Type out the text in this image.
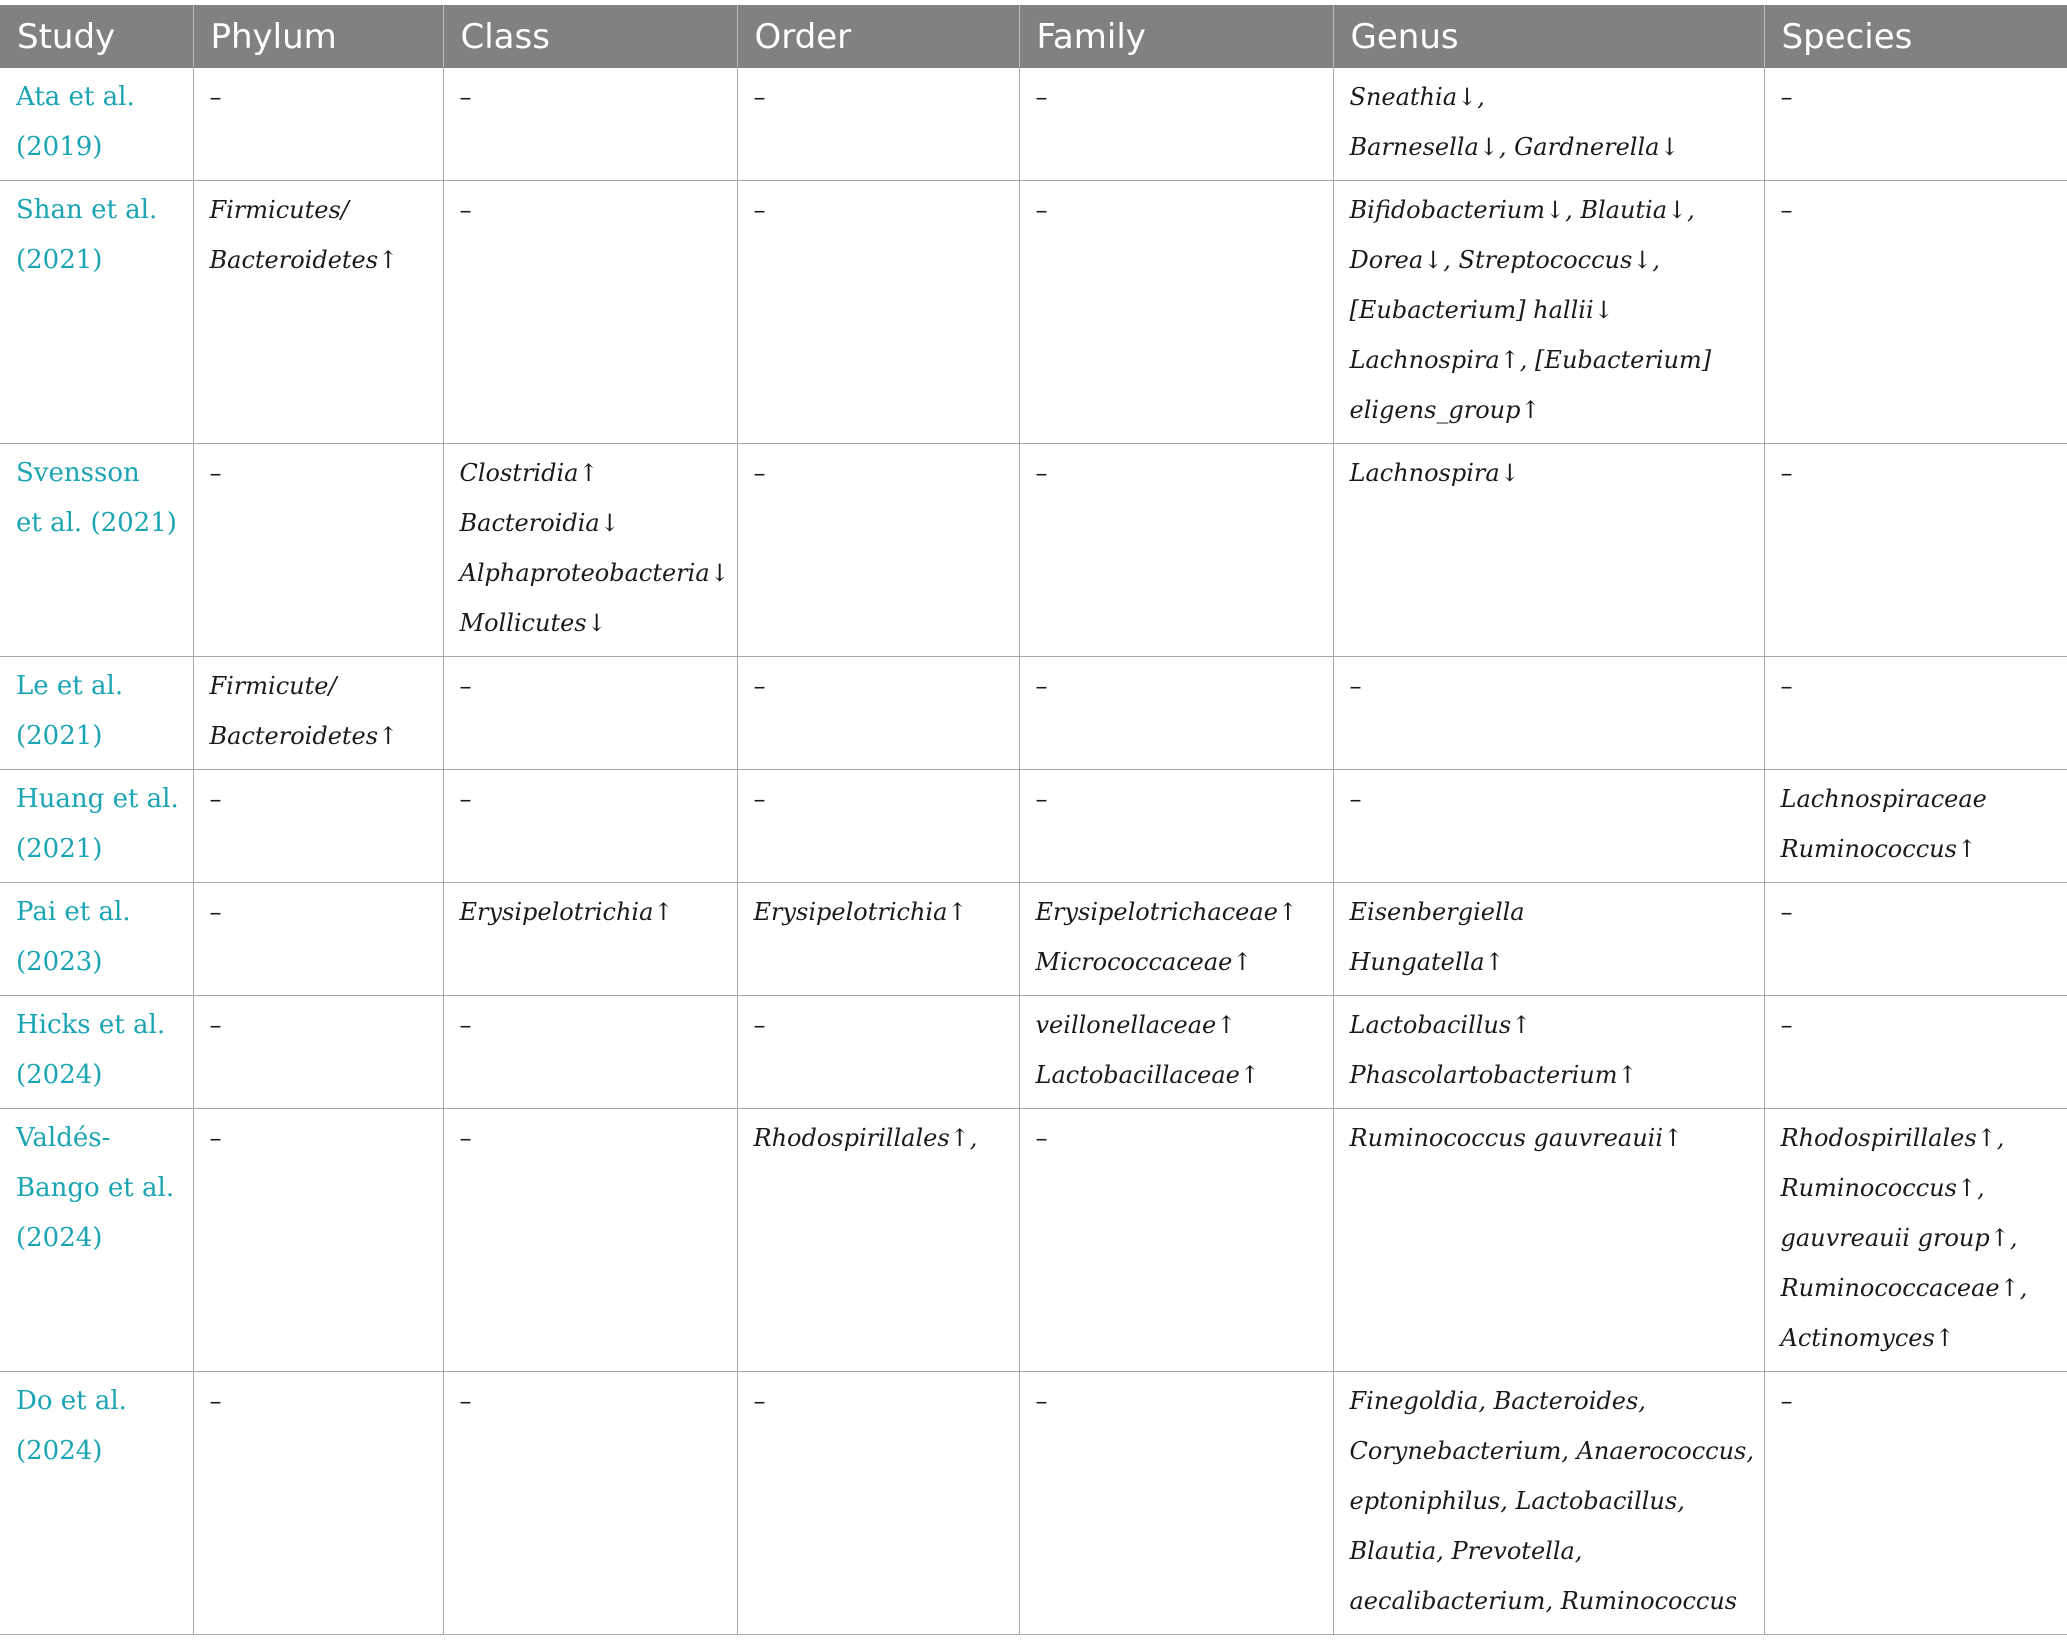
Study	Phylum	Class	Order	Family	Genus	Species

Ata et al.
(2019)	–	–	–	–	Sneathia↓,
Barnesella↓, Gardnerella↓	–

Shan et al.
(2021)	Firmicutes/
Bacteroidetes↑	–	–	–	Bifidobacterium↓, Blautia↓,
Dorea↓, Streptococcus↓,
[Eubacterium] hallii↓
Lachnospira↑, [Eubacterium]
eligens_group↑	–

Svensson
et al. (2021)	–	Clostridia↑
Bacteroidia↓
Alphaproteobacteria↓
Mollicutes↓	–	–	Lachnospira↓	–

Le et al.
(2021)	Firmicute/
Bacteroidetes↑	–	–	–	–	–

Huang et al.
(2021)	–	–	–	–	–	Lachnospiraceae
Ruminococcus↑

Pai et al.
(2023)	–	Erysipelotrichia↑	Erysipelotrichia↑	Erysipelotrichaceae↑
Micrococcaceae↑	Eisenbergiella
Hungatella↑	–

Hicks et al.
(2024)	–	–	–	veillonellaceae↑
Lactobacillaceae↑	Lactobacillus↑
Phascolartobacterium↑	–

Valdés-
Bango et al.
(2024)	–	–	Rhodospirillales↑,	–	Ruminococcus gauvreauii↑	Rhodospirillales↑,
Ruminococcus↑,
gauvreauii group↑,
Ruminococcaceae↑,
Actinomyces↑

Do et al.
(2024)	–	–	–	–	Finegoldia, Bacteroides,
Corynebacterium, Anaerococcus,
eptoniphilus, Lactobacillus,
Blautia, Prevotella,
aecalibacterium, Ruminococcus	–
